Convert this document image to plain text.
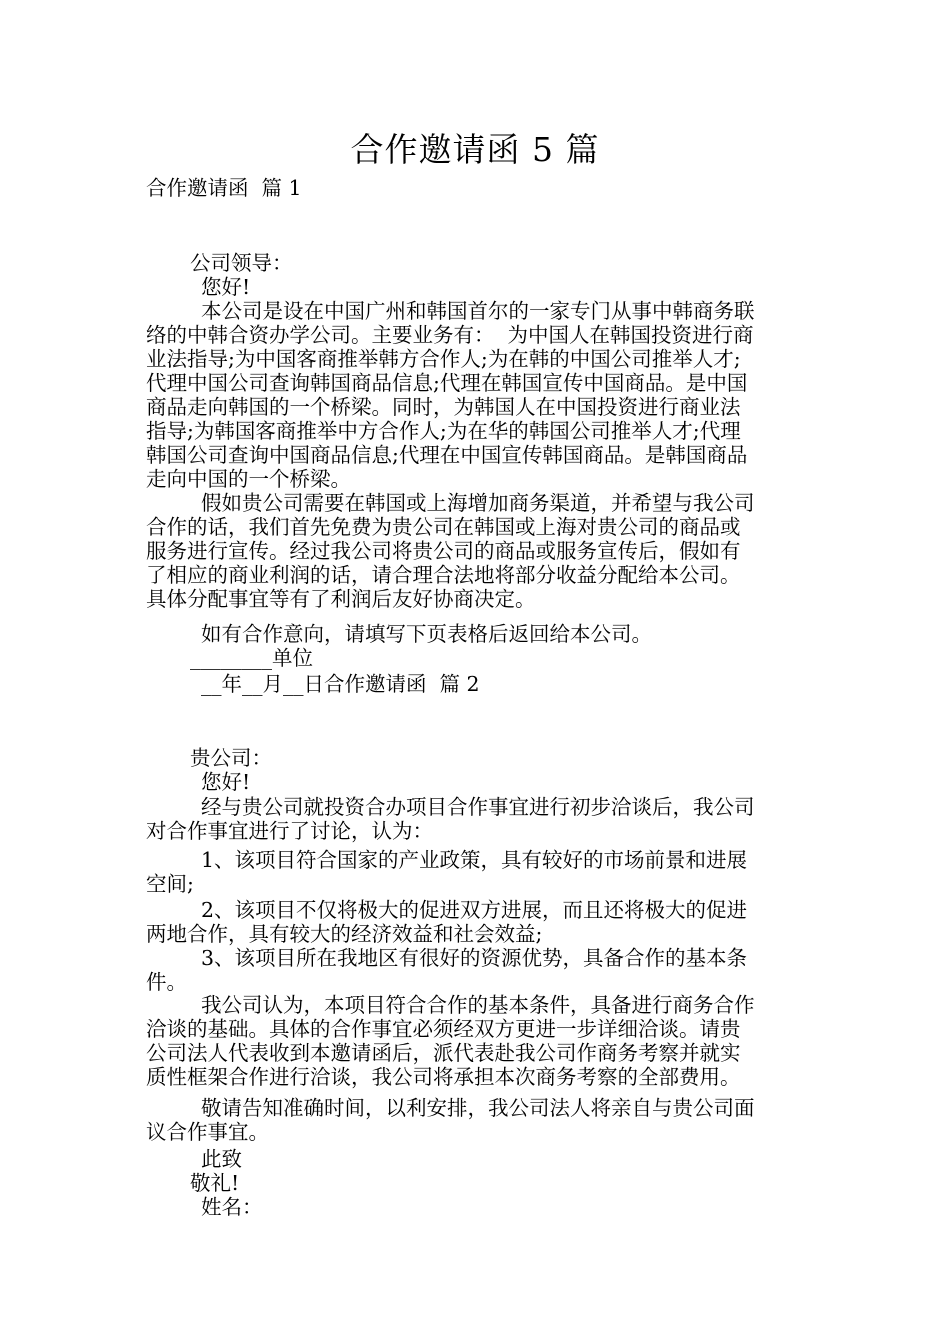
合作邀请函 5 篇
合作邀请函  篇 1
公司领导：
您好!
本公司是设在中国广州和韩国首尔的一家专门从事中韩商务联
络的中韩合资办学公司。主要业务有：  为中国人在韩国投资进行商
业法指导;为中国客商推举韩方合作人;为在韩的中国公司推举人才;
代理中国公司查询韩国商品信息;代理在韩国宣传中国商品。是中国
商品走向韩国的一个桥梁。同时，为韩国人在中国投资进行商业法
指导;为韩国客商推举中方合作人;为在华的韩国公司推举人才;代理
韩国公司查询中国商品信息;代理在中国宣传韩国商品。是韩国商品
走向中国的一个桥梁。
假如贵公司需要在韩国或上海增加商务渠道，并希望与我公司
合作的话，我们首先免费为贵公司在韩国或上海对贵公司的商品或
服务进行宣传。经过我公司将贵公司的商品或服务宣传后，假如有
了相应的商业利润的话，请合理合法地将部分收益分配给本公司。
具体分配事宜等有了利润后友好协商决定。
如有合作意向，请填写下页表格后返回给本公司。
________单位
__年__月__日合作邀请函  篇 2
贵公司：
您好!
经与贵公司就投资合办项目合作事宜进行初步洽谈后，我公司
对合作事宜进行了讨论，认为：
1、该项目符合国家的产业政策，具有较好的市场前景和进展
空间;
2、该项目不仅将极大的促进双方进展，而且还将极大的促进
两地合作，具有较大的经济效益和社会效益;
3、该项目所在我地区有很好的资源优势，具备合作的基本条
件。
我公司认为，本项目符合合作的基本条件，具备进行商务合作
洽谈的基础。具体的合作事宜必须经双方更进一步详细洽谈。请贵
公司法人代表收到本邀请函后，派代表赴我公司作商务考察并就实
质性框架合作进行洽谈，我公司将承担本次商务考察的全部费用。
敬请告知准确时间，以利安排，我公司法人将亲自与贵公司面
议合作事宜。
此致
敬礼!
姓名：
